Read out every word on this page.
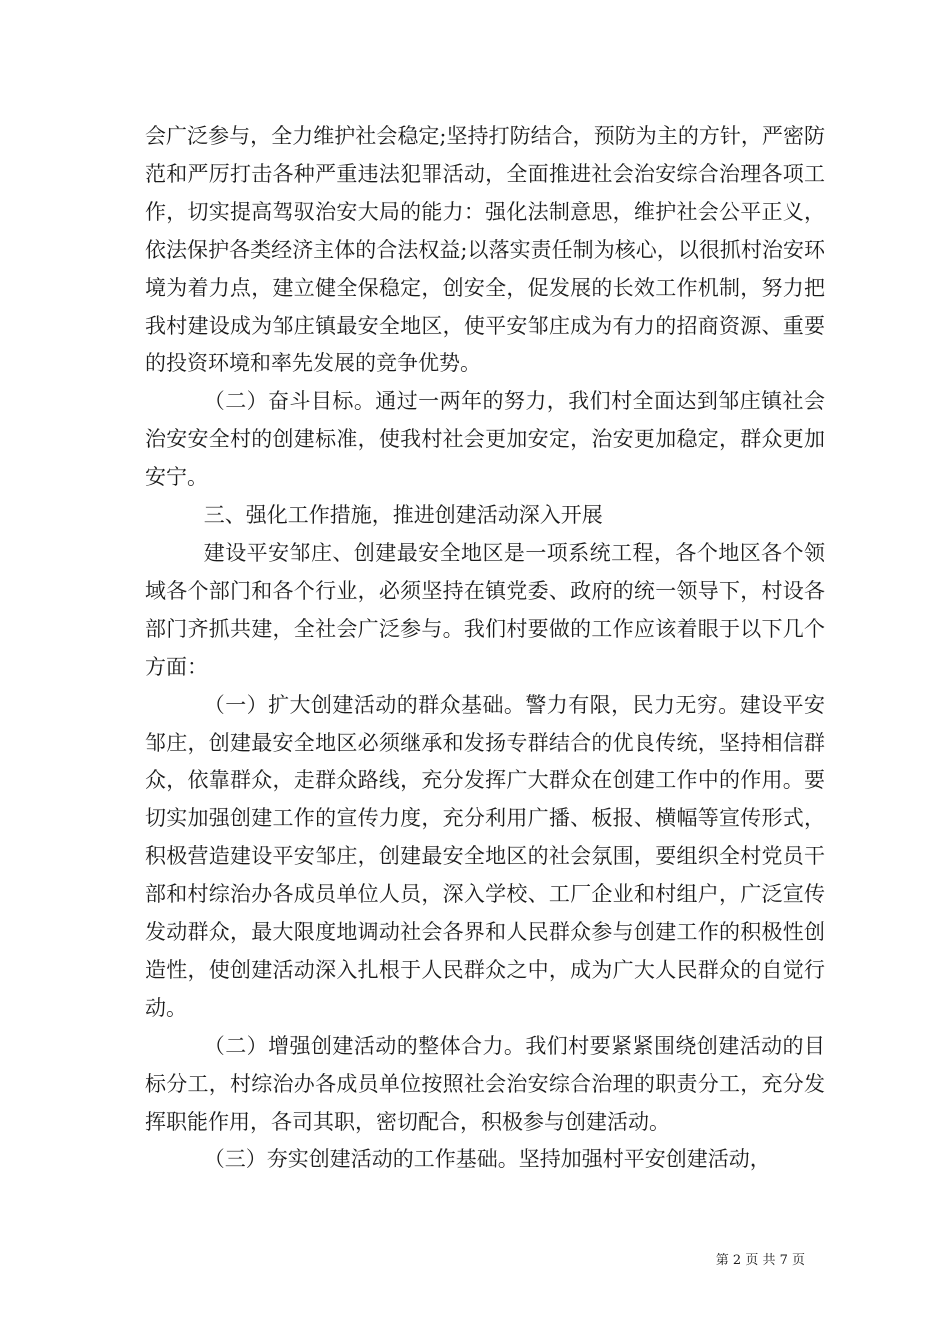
会广泛参与，全力维护社会稳定;坚持打防结合，预防为主的方针，严密防范和严厉打击各种严重违法犯罪活动，全面推进社会治安综合治理各项工作，切实提高驾驭治安大局的能力：强化法制意思，维护社会公平正义，依法保护各类经济主体的合法权益;以落实责任制为核心，以很抓村治安环境为着力点，建立健全保稳定，创安全，促发展的长效工作机制，努力把我村建设成为邹庄镇最安全地区，使平安邹庄成为有力的招商资源、重要的投资环境和率先发展的竞争优势。

（二）奋斗目标。通过一两年的努力，我们村全面达到邹庄镇社会治安安全村的创建标准，使我村社会更加安定，治安更加稳定，群众更加安宁。

三、强化工作措施，推进创建活动深入开展

建设平安邹庄、创建最安全地区是一项系统工程，各个地区各个领域各个部门和各个行业，必须坚持在镇党委、政府的统一领导下，村设各部门齐抓共建，全社会广泛参与。我们村要做的工作应该着眼于以下几个方面：

（一）扩大创建活动的群众基础。警力有限，民力无穷。建设平安邹庄，创建最安全地区必须继承和发扬专群结合的优良传统，坚持相信群众，依靠群众，走群众路线，充分发挥广大群众在创建工作中的作用。要切实加强创建工作的宣传力度，充分利用广播、板报、横幅等宣传形式，积极营造建设平安邹庄，创建最安全地区的社会氛围，要组织全村党员干部和村综治办各成员单位人员，深入学校、工厂企业和村组户，广泛宣传发动群众，最大限度地调动社会各界和人民群众参与创建工作的积极性创造性，使创建活动深入扎根于人民群众之中，成为广大人民群众的自觉行动。

（二）增强创建活动的整体合力。我们村要紧紧围绕创建活动的目标分工，村综治办各成员单位按照社会治安综合治理的职责分工，充分发挥职能作用，各司其职，密切配合，积极参与创建活动。

（三）夯实创建活动的工作基础。坚持加强村平安创建活动，

第 2 页 共 7 页
